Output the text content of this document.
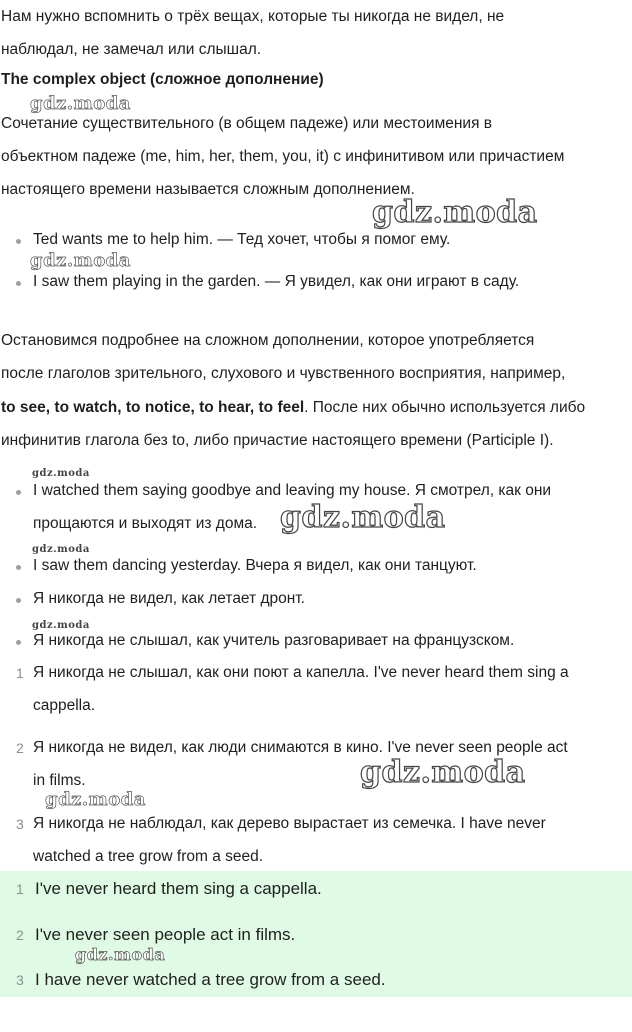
Нам нужно вспомнить о трёх вещах, которые ты никогда не видел, не
наблюдал, не замечал или слышал.
The complex object (сложное дополнение)
Сочетание существительного (в общем падеже) или местоимения в
объектном падеже (me, him, her, them, you, it) с инфинитивом или причастием
настоящего времени называется сложным дополнением.
Ted wants me to help him. — Тед хочет, чтобы я помог ему.
I saw them playing in the garden. — Я увидел, как они играют в саду.
Остановимся подробнее на сложном дополнении, которое употребляется
после глаголов зрительного, слухового и чувственного восприятия, например,
to see, to watch, to notice, to hear, to feel. После них обычно используется либо
инфинитив глагола без to, либо причастие настоящего времени (Participle I).
I watched them saying goodbye and leaving my house. Я смотрел, как они
прощаются и выходят из дома.
I saw them dancing yesterday. Вчера я видел, как они танцуют.
Я никогда не видел, как летает дронт.
Я никогда не слышал, как учитель разговаривает на французском.
1 Я никогда не слышал, как они поют а капелла. I've never heard them sing a
cappella.
2 Я никогда не видел, как люди снимаются в кино. I've never seen people act
in films.
3 Я никогда не наблюдал, как дерево вырастает из семечка. I have never
watched a tree grow from a seed.
1 I've never heard them sing a cappella.
2 I've never seen people act in films.
3 I have never watched a tree grow from a seed.
gdz.moda
gdz.moda
gdz.moda
gdz.moda
gdz.moda
gdz.moda
gdz.moda
gdz.moda
gdz.moda
gdz.moda
